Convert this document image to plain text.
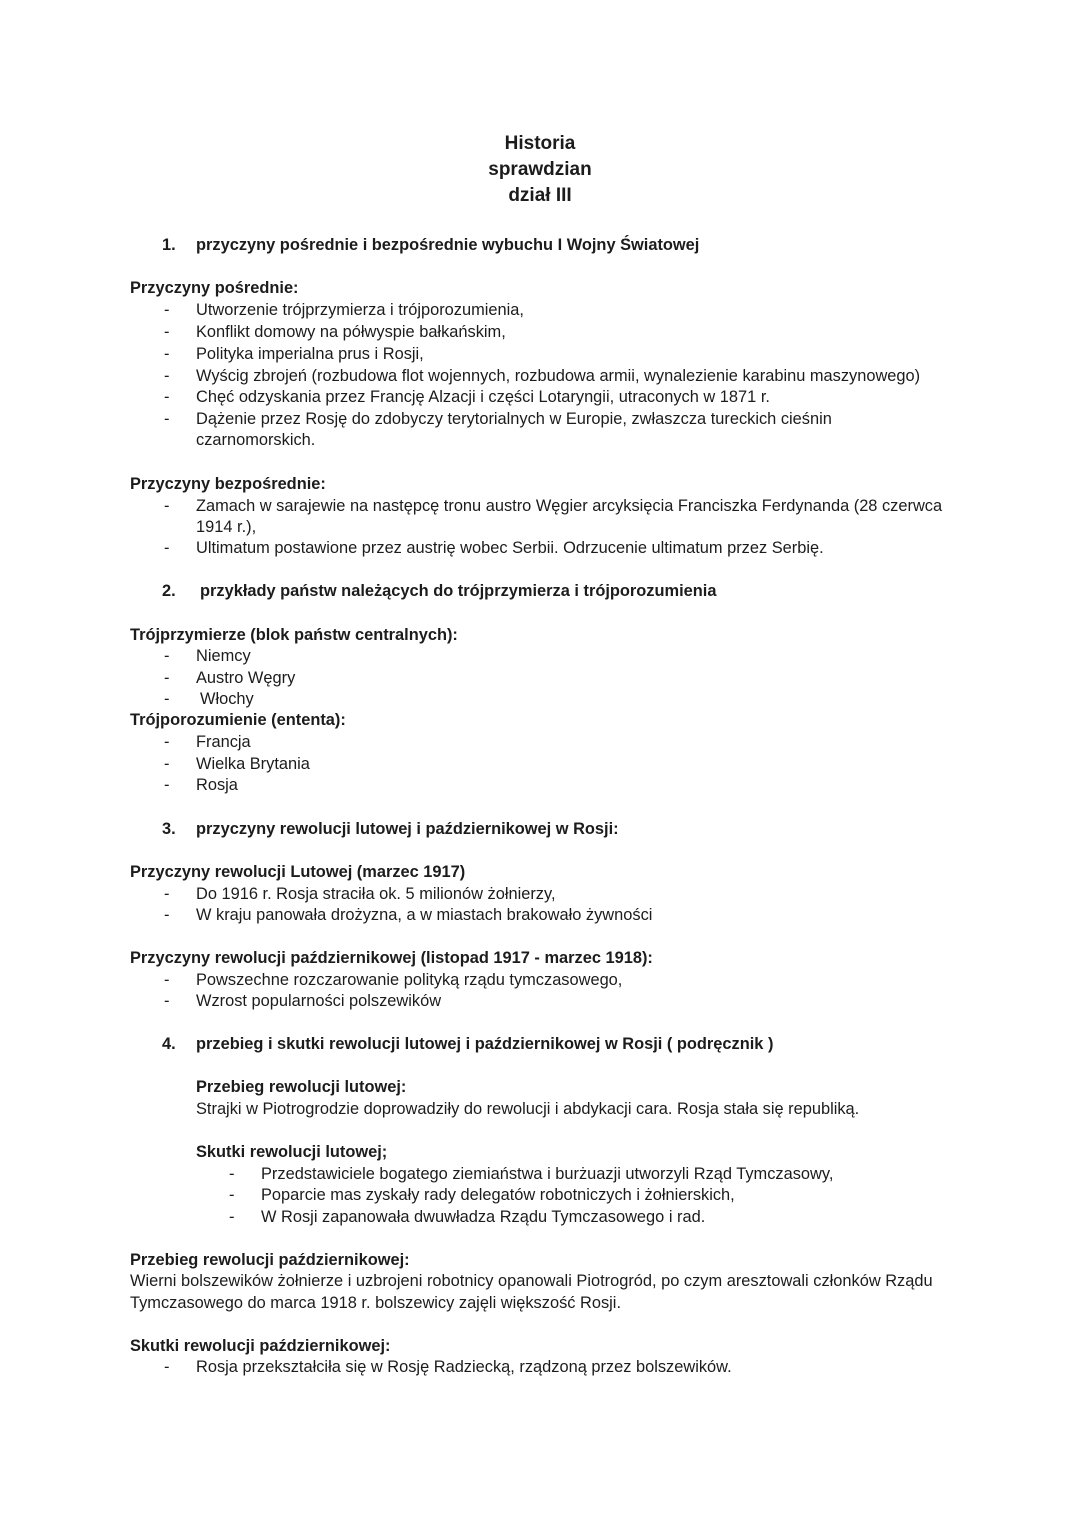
Historia
sprawdzian
dział III
1. przyczyny pośrednie i bezpośrednie wybuchu I Wojny Światowej
Przyczyny pośrednie:
- Utworzenie trójprzymierza i trójporozumienia,
- Konflikt domowy na półwyspie bałkańskim,
- Polityka imperialna prus i Rosji,
- Wyścig zbrojeń (rozbudowa flot wojennych, rozbudowa armii, wynalezienie karabinu maszynowego)
- Chęć odzyskania przez Francję Alzacji i części Lotaryngii, utraconych w 1871 r.
- Dążenie przez Rosję do zdobyczy terytorialnych w Europie, zwłaszcza tureckich cieśnin
czarnomorskich.
Przyczyny bezpośrednie:
- Zamach w sarajewie na następcę tronu austro Węgier arcyksięcia Franciszka Ferdynanda (28 czerwca
1914 r.),
- Ultimatum postawione przez austrię wobec Serbii. Odrzucenie ultimatum przez Serbię.
2. przykłady państw należących do trójprzymierza i trójporozumienia
Trójprzymierze (blok państw centralnych):
- Niemcy
- Austro Węgry
- Włochy
Trójporozumienie (ententa):
- Francja
- Wielka Brytania
- Rosja
3. przyczyny rewolucji lutowej i październikowej w Rosji:
Przyczyny rewolucji Lutowej (marzec 1917)
- Do 1916 r. Rosja straciła ok. 5 milionów żołnierzy,
- W kraju panowała drożyzna, a w miastach brakowało żywności
Przyczyny rewolucji październikowej (listopad 1917 - marzec 1918):
- Powszechne rozczarowanie polityką rządu tymczasowego,
- Wzrost popularności polszewików
4. przebieg i skutki rewolucji lutowej i październikowej w Rosji ( podręcznik )
Przebieg rewolucji lutowej:
Strajki w Piotrogrodzie doprowadziły do rewolucji i abdykacji cara. Rosja stała się republiką.
Skutki rewolucji lutowej;
- Przedstawiciele bogatego ziemiaństwa i burżuazji utworzyli Rząd Tymczasowy,
- Poparcie mas zyskały rady delegatów robotniczych i żołnierskich,
- W Rosji zapanowała dwuwładza Rządu Tymczasowego i rad.
Przebieg rewolucji październikowej:
Wierni bolszewików żołnierze i uzbrojeni robotnicy opanowali Piotrogród, po czym aresztowali członków Rządu
Tymczasowego do marca 1918 r. bolszewicy zajęli większość Rosji.
Skutki rewolucji październikowej:
- Rosja przekształciła się w Rosję Radziecką, rządzoną przez bolszewików.
